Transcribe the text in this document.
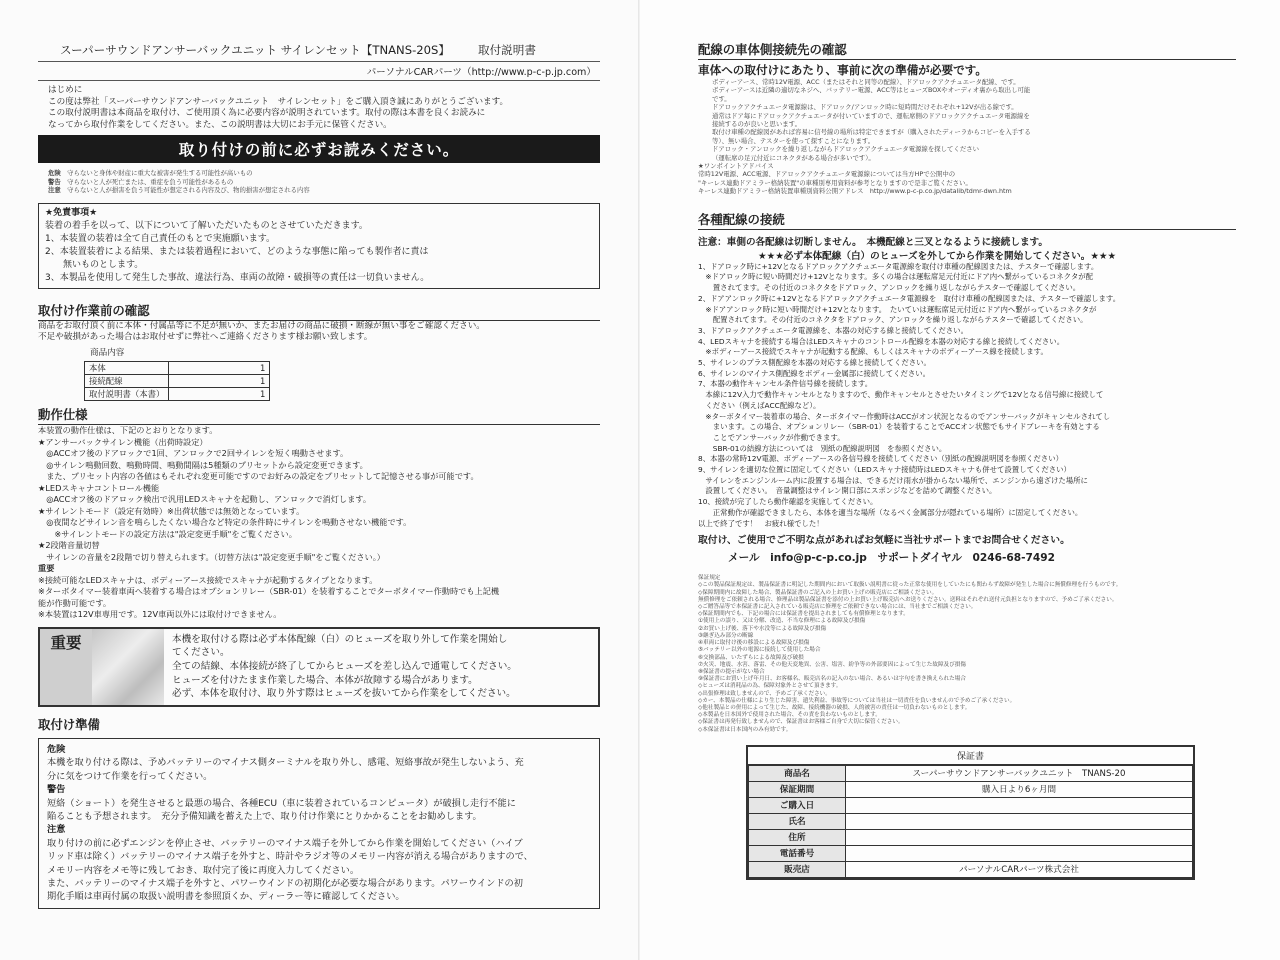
スーパーサウンドアンサーバックユニット サイレンセット【TNANS-20S】 取付説明書
パーソナルCARパーツ（http://www.p-c-p.jp.com）

はじめに

この度は弊社「スーパーサウンドアンサーバックユニット　サイレンセット」をご購入頂き誠にありがとうございます。

この取付説明書は本商品を取付け、ご使用頂く為に必要内容が説明されています。取付の際は本書を良くお読みに

なってから取付作業をしてください。また、この説明書は大切にお手元に保管ください。

取り付けの前に必ずお読みください。

危険　 守らないと身体や財産に重大な被害が発生する可能性が高いもの

警告　 守らないと人が死亡または、重症を負う可能性があるもの

注意　 守らないと人が損害を負う可能性が想定される内容及び、物的損害が想定される内容

★免責事項★

装着の着手を以って、以下について了解いただいたものとさせていただきます。

1、本装置の装着は全て自己責任のもとで実施願います。

2、本装置装着による結果、または装着過程において、どのような事態に陥っても製作者に責は

　　無いものとします。

3、本製品を使用して発生した事故、違法行為、車両の故障・破損等の責任は一切負いません。

取付け作業前の確認

商品をお取付頂く前に本体・付属品等に不足が無いか、またお届けの商品に破損・断線が無い事をご確認ください。

不足や破損があった場合はお取付せずに弊社へご連絡くださります様お願い致します。

商品内容

本体	1
接続配線	1
取付説明書（本書）	1
動作仕様

本装置の動作仕様は、下記のとおりとなります。

★アンサーバックサイレン機能（出荷時設定）

　◎ACCオフ後のドアロックで1回、アンロックで2回サイレンを短く鳴動させます。

　◎サイレン鳴動回数、鳴動時間、鳴動間隔は5種類のプリセットから設定変更できます。

　また、プリセット内容の各値はもそれぞれ変更可能ですのでお好みの設定をプリセットして記憶させる事が可能です。

★LEDスキャナコントロール機能

　◎ACCオフ後のドアロック検出で汎用LEDスキャナを起動し、アンロックで消灯します。

★サイレントモード（設定有効時）※出荷状態では無効となっています。

　◎夜間などサイレン音を鳴らしたくない場合など特定の条件時にサイレンを鳴動させない機能です。

　　※サイレントモードの設定方法は"設定変更手順"をご覧ください。

★2段階音量切替

　サイレンの音量を2段階で切り替えられます。（切替方法は"設定変更手順"をご覧ください。）

重要

※接続可能なLEDスキャナは、ボディーアース接続でスキャナが起動するタイプとなります。

※ターボタイマー装着車両へ装着する場合はオプションリレー（SBR-01）を装着することでターボタイマー作動時でも上記機

能が作動可能です。

※本装置は12V車専用です。12V車両以外には取付けできません。

重要	本機を取付ける際は必ず本体配線（白）のヒューズを取り外して作業を開始し

てください。

全ての結線、本体接続が終了してからヒューズを差し込んで通電してください。

ヒューズを付けたまま作業した場合、本体が故障する場合があります。

必ず、本体を取付け、取り外す際はヒューズを抜いてから作業をしてください。

取付け準備

危険

本機を取り付ける際は、予めバッテリーのマイナス側ターミナルを取り外し、感電、短絡事故が発生しないよう、充

分に気をつけて作業を行ってください。

警告

短絡（ショート）を発生させると最悪の場合、各種ECU（車に装着されているコンピュータ）が破損し走行不能に

陥ることも予想されます。　充分予備知識を蓄えた上で、取り付け作業にとりかかることをお勧めします。

注意

取り付けの前に必ずエンジンを停止させ、バッテリーのマイナス端子を外してから作業を開始してください（ハイブ

リッド車は除く）バッテリーのマイナス端子を外すと、時計やラジオ等のメモリー内容が消える場合がありますので、

メモリー内容をメモ等に残しておき、取付完了後に再度入力してください。

また、バッテリーのマイナス端子を外すと、パワーウインドの初期化が必要な場合があります。パワーウインドの初

期化手順は車両付属の取扱い説明書を参照頂くか、ディーラー等に確認してください。

配線の車体側接続先の確認
車体への取付けにあたり、事前に次の準備が必要です。

ボディーアース、常時12V電源、ACC（またはそれと同等の配線）、ドアロックアクチュエータ配線、です。

ボディーアースは近隣の適切なネジへ、バッテリー電源、ACC等はヒューズBOXやオーディオ裏から取出し可能

です。

ドアロックアクチュエータ電源線は、ドアロック/アンロック時に短時間だけそれぞれ+12Vが出る線です。

通常はドア毎にドアロックアクチュエータが付いていますので、運転席側のドアロックアクチュエータ電源線を

接続するのが良いと思います。

取付け車種の配線図があれば容易に信号線の場所は特定できますが（購入されたディーラからコピーを入手する

等）、無い場合、テスターを使って探すことになります。

ドアロック・アンロックを繰り返しながらドアロックアクチュエータ電源線を探してください

（運転席の足元付近にコネクタがある場合が多いです）。

★ワンポイントアドバイス

常時12V電源、ACC電源、ドアロックアクチュエータ電源線については当方HPで公開中の

"キーレス連動ドアミラー格納装置"の車種別専用資料が参考となりますので是非ご覧ください。

キーレス連動ドアミラー格納装置車種別資料公開アドレス　http://www.p-c-p.co.jp/datalib/tdmr-dwn.htm

各種配線の接続

注意：車側の各配線は切断しません。　本機配線と三叉となるように接続します。

★★★必ず本体配線（白）のヒューズを外してから作業を開始してください。★★★

1、ドアロック時に+12Vとなるドアロックアクチュエータ電源線を取付け車種の配線図または、テスターで確認します。

　※ドアロック時に短い時間だけ+12Vとなります。多くの場合は運転席足元付近にドア内へ繋がっているコネクタが配

　　置されてます。その付近のコネクタをドアロック、アンロックを繰り返しながらテスターで確認してください。

2、ドアアンロック時に+12Vとなるドアロックアクチュエータ電源線を　取付け車種の配線図または、テスターで確認します。

　※ドアアンロック時に短い時間だけ+12Vとなります。　たいていは運転席足元付近にドア内へ繋がっているコネクタが

　　配置されてます。その付近のコネクタをドアロック、アンロックを繰り返しながらテスターで確認してください。

3、ドアロックアクチュエータ電源線を、本器の対応する線と接続してください。

4、LEDスキャナを接続する場合はLEDスキャナのコントロール配線を本器の対応する線と接続してください。

　※ボディーアース接続でスキャナが起動する配線、もしくはスキャナのボディーアース線を接続します。

5、サイレンのプラス側配線を本器の対応する線と接続してください。

6、サイレンのマイナス側配線をボディー金属部に接続してください。

7、本器の動作キャンセル条件信号線を接続します。

　本線に12V入力で動作キャンセルとなりますので、動作キャンセルとさせたいタイミングで12Vとなる信号線に接続して

　ください（例えばACC配線など）。

　※ターボタイマー装着車の場合、ターボタイマー作動時はACCがオン状況となるのでアンサーバックがキャンセルされてし

　　まいます。この場合、オプションリレー（SBR-01）を装着することでACCオン状態でもサイドブレーキを有効とする

　　ことでアンサーバックが作動できます。

　　SBR-01の結線方法については　別紙の配線説明図　を参照ください。

8、本器の常時12V電源、ボディーアースの各信号線を接続してください（別紙の配線説明図を参照ください）

9、サイレンを適切な位置に固定してください（LEDスキャナ接続時はLEDスキャナも併せて設置してください）

　サイレンをエンジンルーム内に設置する場合は、できるだけ雨水が掛からない場所で、エンジンから遠ざけた場所に

　設置してください。　音量調整はサイレン開口部にスポンジなどを詰めて調整ください。

10、接続が完了したら動作確認を実施してください。

　　正常動作が確認できましたら、本体を適当な場所（なるべく金属部分が隠れている場所）に固定してください。

以上で終了です！　お疲れ様でした！

取付け、ご使用でご不明な点があればお気軽に当社サポートまでお問合せください。

メール　 info@p-c-p.co.jp　 サポートダイヤル　 0246-68-7492

保証規定

◇この製品保証規定は、製品保証書に明記した期間内において取扱い説明書に従った正常な使用をしていたにも関わらず故障が発生した場合に無償修理を行うものです。

◇保障期間内に故障した場合、製品保証書のご記入の上お買い上げの販売店にご相談ください。

無償修理をご依頼される場合、修理品は製品保証書を添付の上お買い上げ販売店へお送りください。送料はそれぞれ送付元負担となりますので、予めご了承ください。

◇ご贈答品等で本保証書に記入されている販売店に修理をご依頼できない場合には、当社までご相談ください。

◇保証期間内でも、下記の場合には保証書を提出されましても有償修理となります。

①使用上の誤り、又は分解、改造、不当な修理による故障及び損傷

②お買い上げ後、落下や水没等による故障及び損傷

③継ぎ込み部分の断線

④車両に取付け後の移設による故障及び損傷

⑤バッテリー以外の電源に接続して使用した場合

⑥交換部品、いたずらによる故障及び破損

⑦火災、地震、水害、落雷、その他天変地異、公害、塩害、紛争等の外部要因によって生じた故障及び損傷

⑧保証書の提示がない場合

⑨保証書にお買い上げ年月日、お客様名、販売店名の記入のない場合、あるいは字句を書き換えられた場合

◇ヒューズは消耗品の為、保障対象外とさせて頂きます。

◇出張修理は致しませんので、予めご了承ください。

◇カー、本製品の仕様により生じた障害、遺失利益、事故等については当社は一切責任を負いませんので予めご了承ください。

◇他社製品との併用によって生じた、故障、接続機器の破損、人的被害の責任は一切負わないものとします。

◇本製品を日本国外で使用された場合、その責を負わないものとします。

◇保証書は再発行致しませんので、保証書はお客様ご自身で大切に保管ください。

◇本保証書は日本国内のみ有効です。

保証書
商品名	スーパーサウンドアンサーバックユニット　TNANS-20
保証期間	購入日より6ヶ月間
ご購入日	
氏名	
住所	
電話番号	
販売店	パーソナルCARパーツ株式会社
